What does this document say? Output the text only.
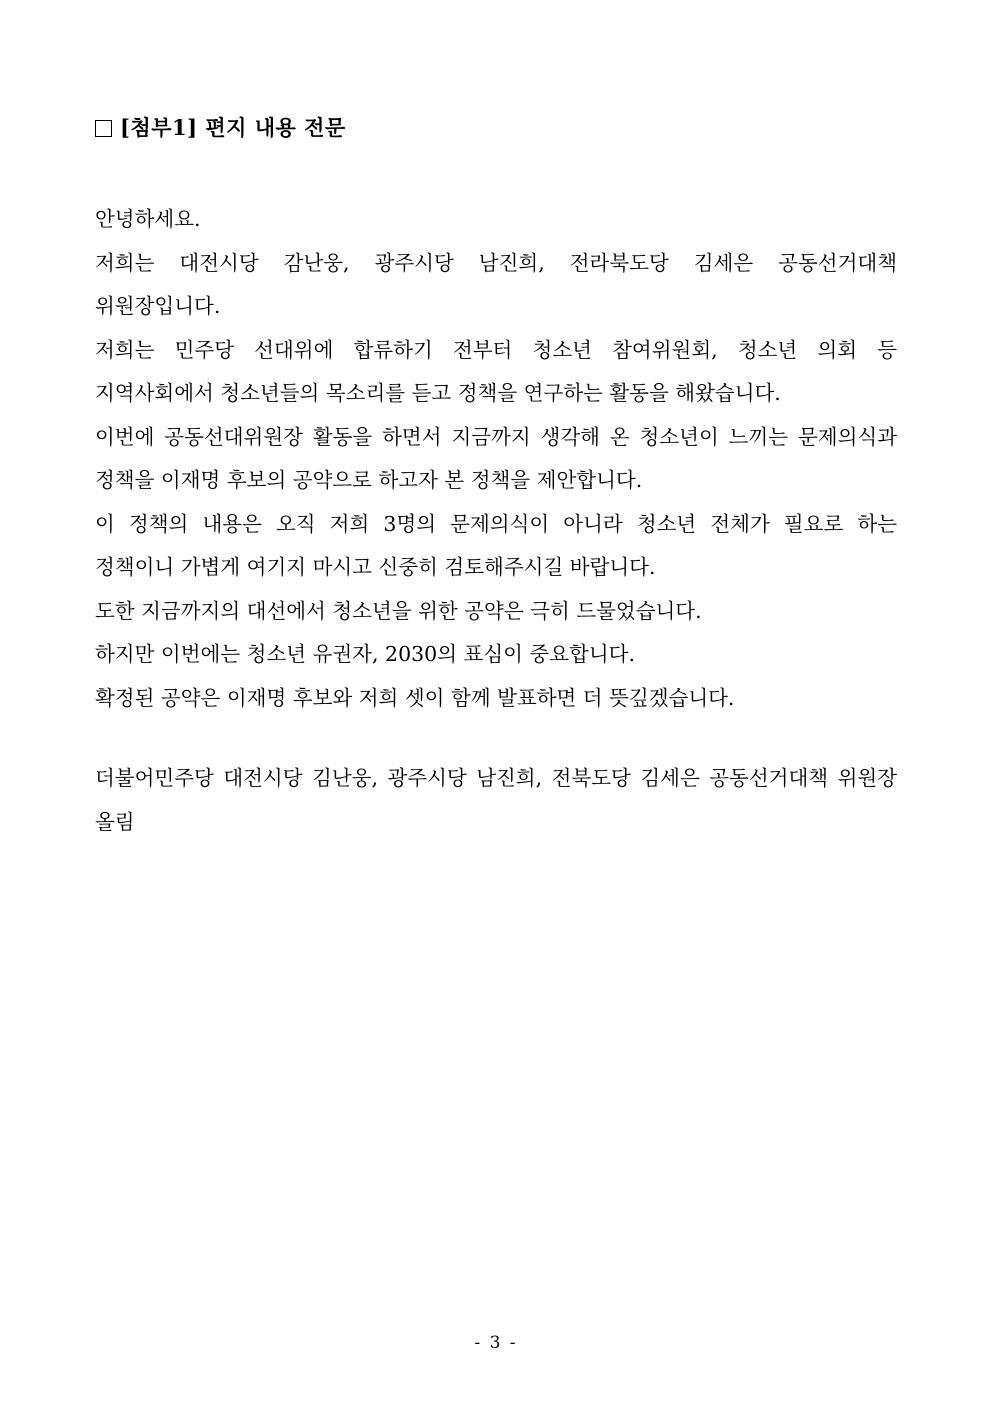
[첨부1] 편지 내용 전문

안녕하세요.

저희는 대전시당 감난웅, 광주시당 남진희, 전라북도당 김세은 공동선거대책 위원장입니다.

저희는 민주당 선대위에 합류하기 전부터 청소년 참여위원회, 청소년 의회 등 지역사회에서 청소년들의 목소리를 듣고 정책을 연구하는 활동을 해왔습니다.

이번에 공동선대위원장 활동을 하면서 지금까지 생각해 온 청소년이 느끼는 문제의식과 정책을 이재명 후보의 공약으로 하고자 본 정책을 제안합니다.

이 정책의 내용은 오직 저희 3명의 문제의식이 아니라 청소년 전체가 필요로 하는 정책이니 가볍게 여기지 마시고 신중히 검토해주시길 바랍니다.

도한 지금까지의 대선에서 청소년을 위한 공약은 극히 드물었습니다.

하지만 이번에는 청소년 유권자, 2030의 표심이 중요합니다.

확정된 공약은 이재명 후보와 저희 셋이 함께 발표하면 더 뜻깊겠습니다.

더불어민주당 대전시당 김난웅, 광주시당 남진희, 전북도당 김세은 공동선거대책 위원장 올림
- 3 -
